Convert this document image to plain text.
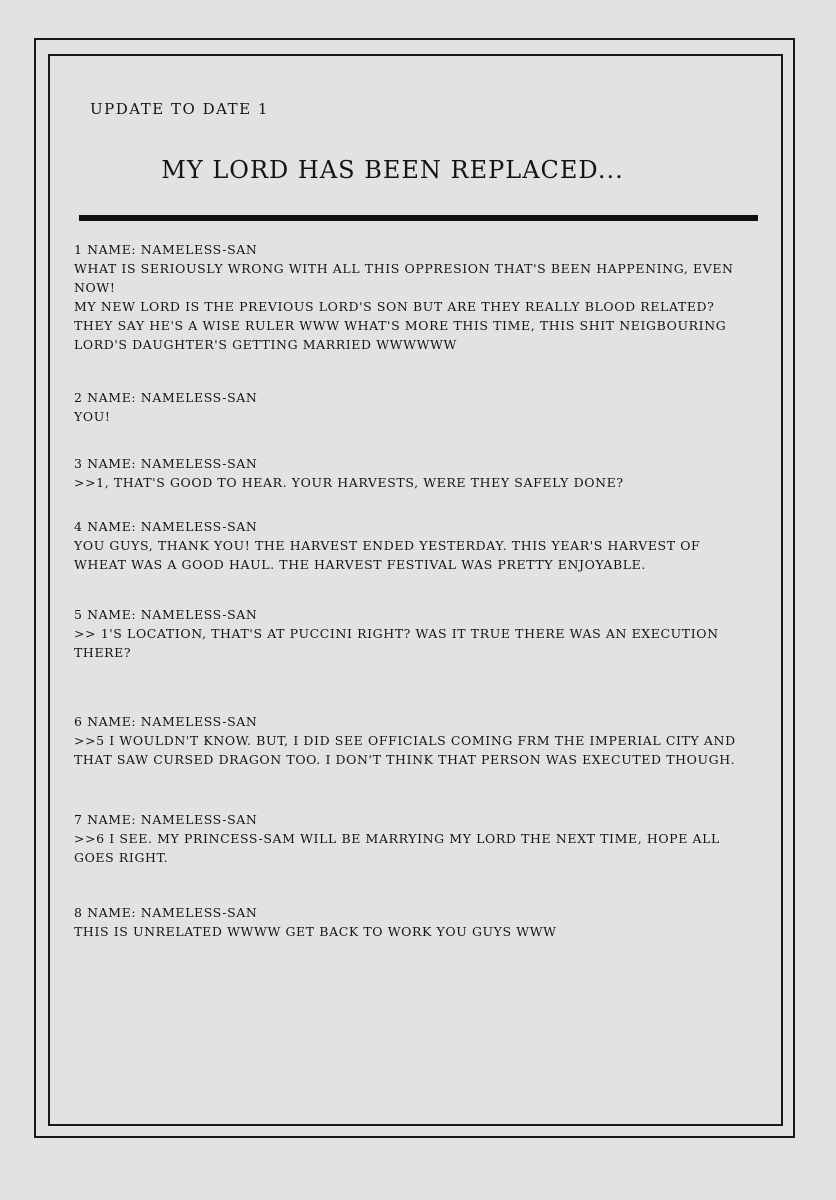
UPDATE TO DATE 1
MY LORD HAS BEEN REPLACED...
1 NAME: NAMELESS-SAN
WHAT IS SERIOUSLY WRONG WITH ALL THIS OPPRESION THAT'S BEEN HAPPENING, EVEN NOW!
MY NEW LORD IS THE PREVIOUS LORD'S SON BUT ARE THEY REALLY BLOOD RELATED?
THEY SAY HE'S A WISE RULER WWW WHAT'S MORE THIS TIME, THIS SHIT NEIGBOURING LORD'S DAUGHTER'S GETTING MARRIED WWWWWW
2 NAME: NAMELESS-SAN
YOU!
3 NAME: NAMELESS-SAN
>>1, THAT'S GOOD TO HEAR. YOUR HARVESTS, WERE THEY SAFELY DONE?
4 NAME: NAMELESS-SAN
YOU GUYS, THANK YOU! THE HARVEST ENDED YESTERDAY. THIS YEAR'S HARVEST OF WHEAT WAS A GOOD HAUL. THE HARVEST FESTIVAL WAS PRETTY ENJOYABLE.
5 NAME: NAMELESS-SAN
>> 1'S LOCATION, THAT'S AT PUCCINI RIGHT? WAS IT TRUE THERE WAS AN EXECUTION THERE?
6 NAME: NAMELESS-SAN
>>5 I WOULDN'T KNOW. BUT, I DID SEE OFFICIALS COMING FRM THE IMPERIAL CITY AND THAT SAW CURSED DRAGON TOO. I DON'T THINK THAT PERSON WAS EXECUTED THOUGH.
7 NAME: NAMELESS-SAN
>>6 I SEE. MY PRINCESS-SAM WILL BE MARRYING MY LORD THE NEXT TIME, HOPE ALL GOES RIGHT.
8 NAME: NAMELESS-SAN
THIS IS UNRELATED WWWW GET BACK TO WORK YOU GUYS WWW
